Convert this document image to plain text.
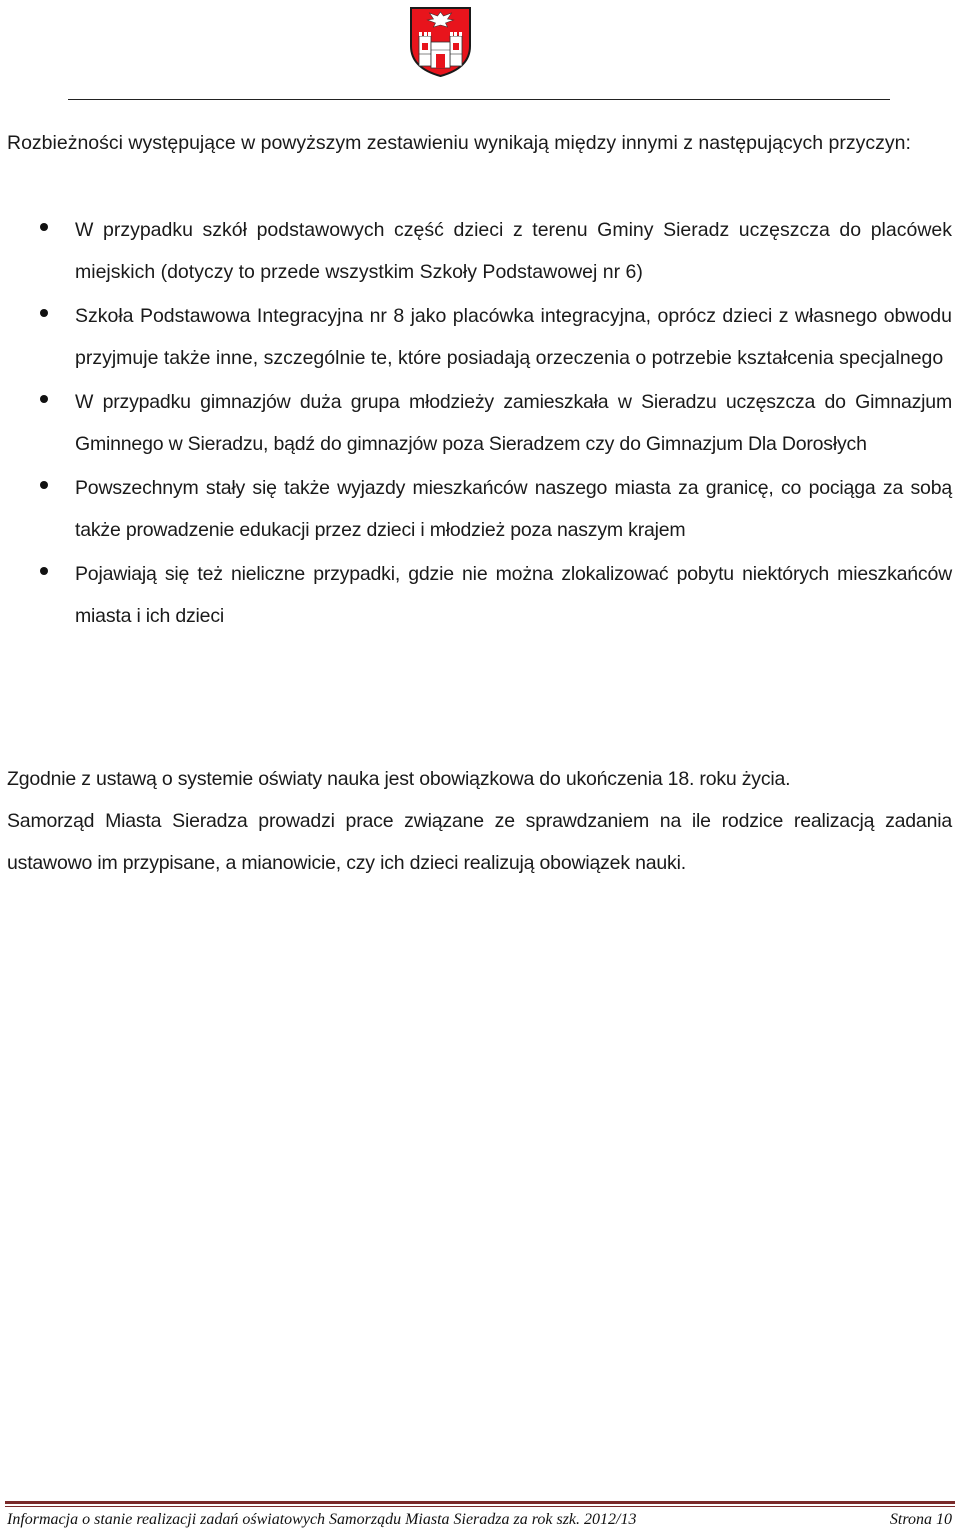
Rozbieżności występujące w powyższym zestawieniu wynikają między innymi z następujących przyczyn:

W przypadku szkół podstawowych część dzieci z terenu Gminy Sieradz uczęszcza do placówek miejskich (dotyczy to przede wszystkim Szkoły Podstawowej nr 6)
Szkoła Podstawowa Integracyjna nr 8 jako placówka integracyjna, oprócz dzieci z własnego obwodu przyjmuje także inne, szczególnie te, które posiadają orzeczenia o potrzebie kształcenia specjalnego
W przypadku gimnazjów duża grupa młodzieży zamieszkała w Sieradzu uczęszcza do Gimnazjum Gminnego w Sieradzu, bądź do gimnazjów poza Sieradzem czy do Gimnazjum Dla Dorosłych
Powszechnym stały się także wyjazdy mieszkańców naszego miasta za granicę, co pociąga za sobą także prowadzenie edukacji przez dzieci i młodzież poza naszym krajem
Pojawiają się też nieliczne przypadki, gdzie nie można zlokalizować pobytu niektórych mieszkańców miasta i ich dzieci

Zgodnie z ustawą o systemie oświaty nauka jest obowiązkowa do ukończenia 18. roku życia.

Samorząd Miasta Sieradza prowadzi prace związane ze sprawdzaniem na ile rodzice realizacją zadania ustawowo im przypisane, a mianowicie, czy ich dzieci realizują obowiązek nauki.

Informacja o stanie realizacji zadań oświatowych Samorządu Miasta Sieradza za rok szk. 2012/13	Strona 10
